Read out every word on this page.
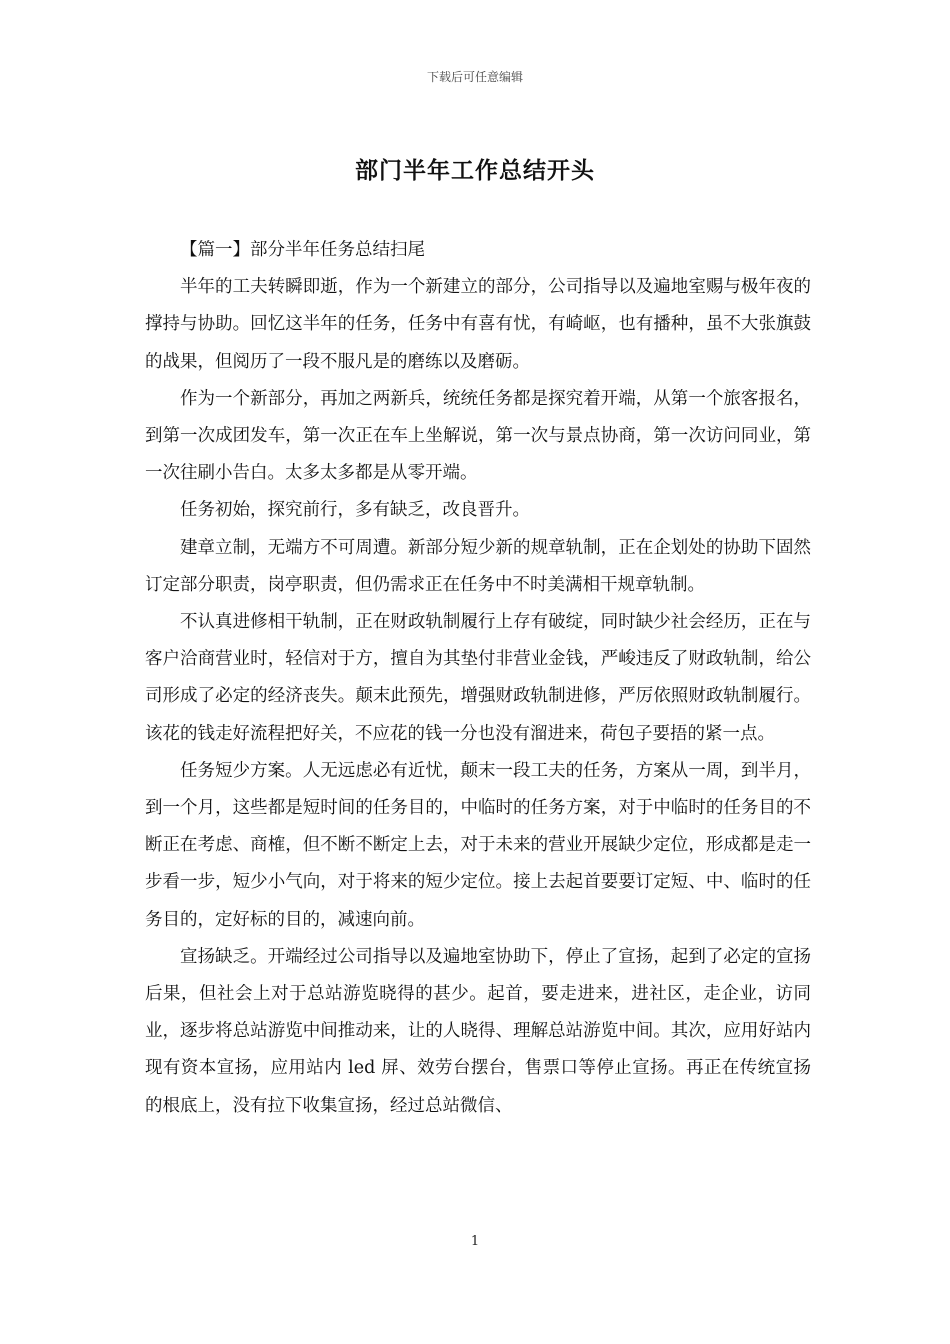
下载后可任意编辑
部门半年工作总结开头

【篇一】部分半年任务总结扫尾

半年的工夫转瞬即逝，作为一个新建立的部分，公司指导以及遍地室赐与极年夜的撑持与协助。回忆这半年的任务，任务中有喜有忧，有崎岖，也有播种，虽不大张旗鼓的战果，但阅历了一段不服凡是的磨练以及磨砺。

作为一个新部分，再加之两新兵，统统任务都是探究着开端，从第一个旅客报名，到第一次成团发车，第一次正在车上坐解说，第一次与景点协商，第一次访问同业，第一次往刷小告白。太多太多都是从零开端。

任务初始，探究前行，多有缺乏，改良晋升。

建章立制，无端方不可周遭。新部分短少新的规章轨制，正在企划处的协助下固然订定部分职责，岗亭职责，但仍需求正在任务中不时美满相干规章轨制。

不认真进修相干轨制，正在财政轨制履行上存有破绽，同时缺少社会经历，正在与客户洽商营业时，轻信对于方，擅自为其垫付非营业金钱，严峻违反了财政轨制，给公司形成了必定的经济丧失。颠末此预先，增强财政轨制进修，严厉依照财政轨制履行。该花的钱走好流程把好关，不应花的钱一分也没有溜进来，荷包子要捂的紧一点。

任务短少方案。人无远虑必有近忧，颠末一段工夫的任务，方案从一周，到半月，到一个月，这些都是短时间的任务目的，中临时的任务方案，对于中临时的任务目的不断正在考虑、商榷，但不断不断定上去，对于未来的营业开展缺少定位，形成都是走一步看一步，短少小气向，对于将来的短少定位。接上去起首要要订定短、中、临时的任务目的，定好标的目的，减速向前。

宣扬缺乏。开端经过公司指导以及遍地室协助下，停止了宣扬，起到了必定的宣扬后果，但社会上对于总站游览晓得的甚少。起首，要走进来，进社区，走企业，访同业，逐步将总站游览中间推动来，让的人晓得、理解总站游览中间。其次，应用好站内现有资本宣扬，应用站内 led 屏、效劳台摆台，售票口等停止宣扬。再正在传统宣扬的根底上，没有拉下收集宣扬，经过总站微信、

1
